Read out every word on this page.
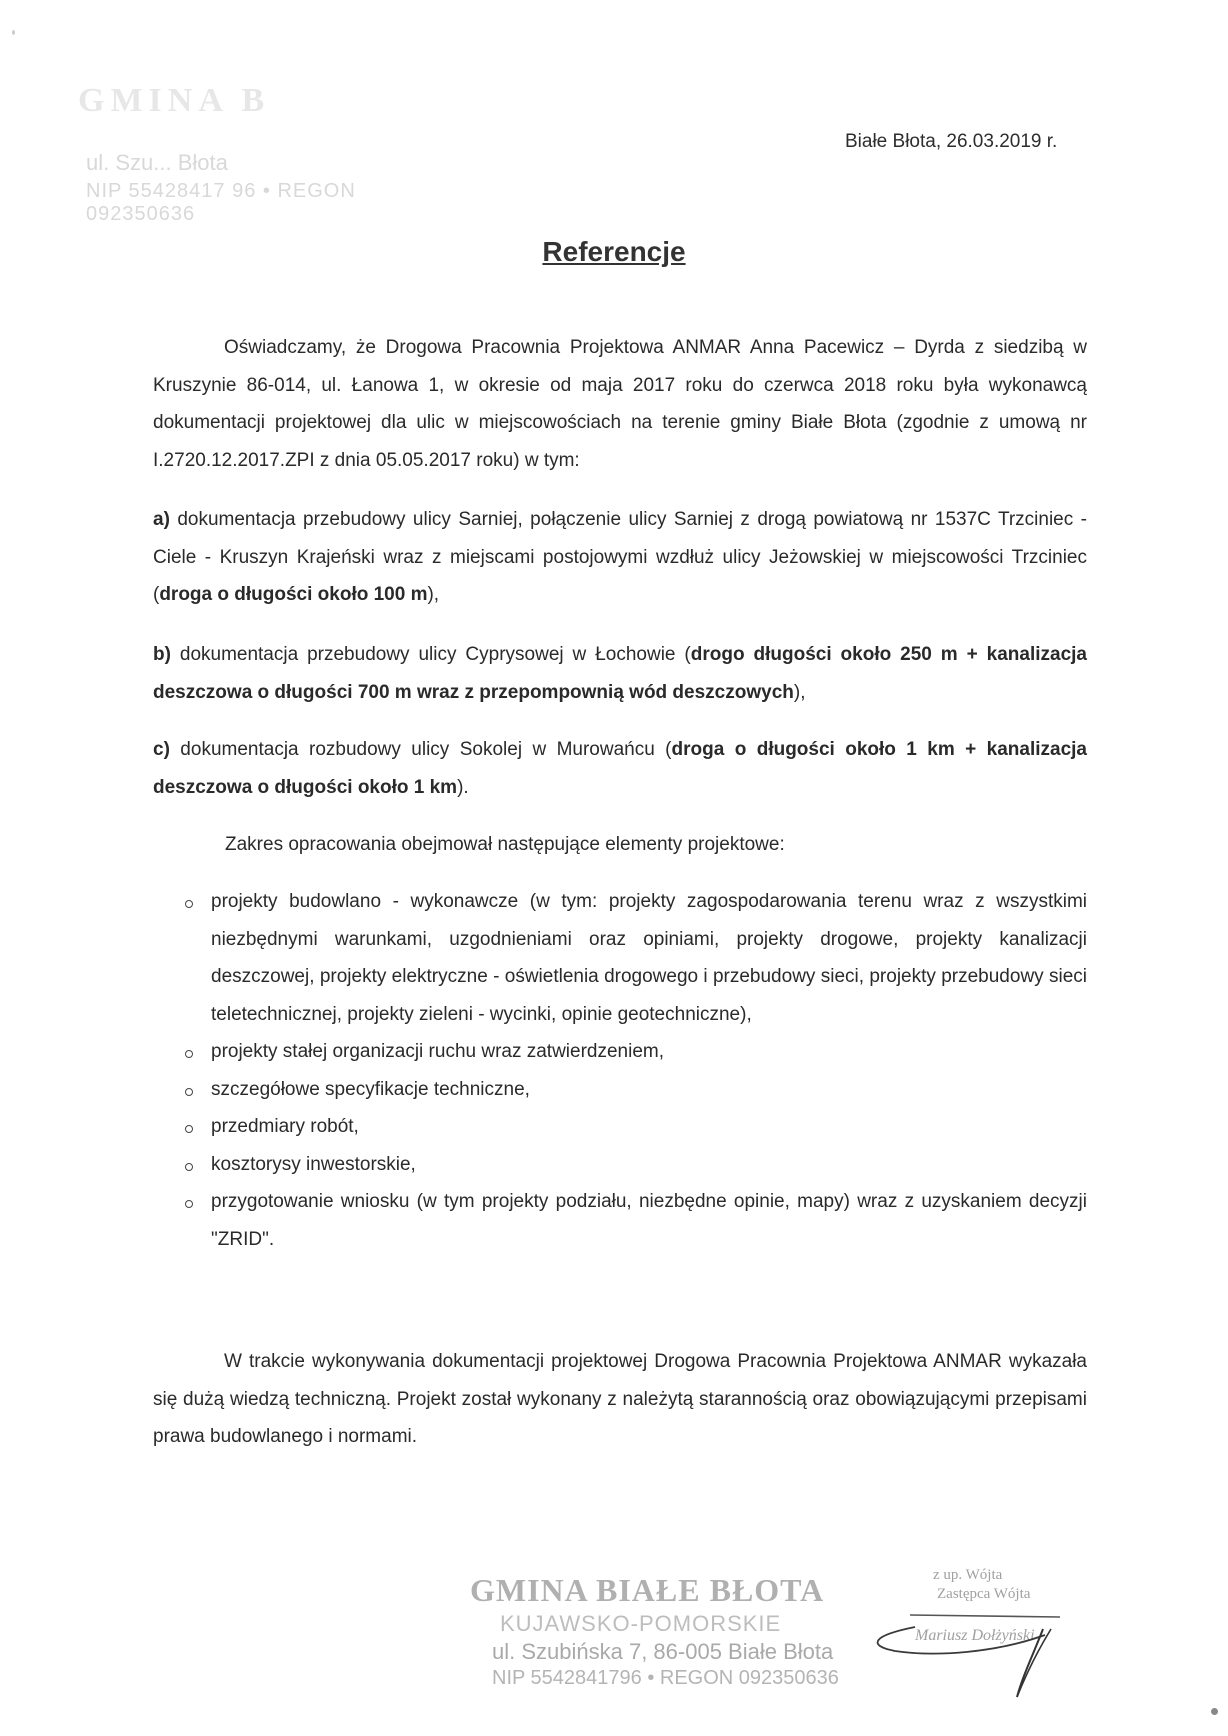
GMINA B
ul. Szu... Błota
NIP 55428417 96 • REGON 092350636
Białe Błota, 26.03.2019 r.
Referencje
Oświadczamy, że Drogowa Pracownia Projektowa ANMAR Anna Pacewicz – Dyrda z siedzibą w Kruszynie 86-014, ul. Łanowa 1, w okresie od maja 2017 roku do czerwca 2018 roku była wykonawcą dokumentacji projektowej dla ulic w miejscowościach na terenie gminy Białe Błota (zgodnie z umową nr I.2720.12.2017.ZPI z dnia 05.05.2017 roku) w tym:
a) dokumentacja przebudowy ulicy Sarniej, połączenie ulicy Sarniej z drogą powiatową nr 1537C Trzciniec - Ciele - Kruszyn Krajeński wraz z miejscami postojowymi wzdłuż ulicy Jeżowskiej w miejscowości Trzciniec (droga o długości około 100 m),
b) dokumentacja przebudowy ulicy Cyprysowej w Łochowie (drogo długości około 250 m + kanalizacja deszczowa o długości 700 m wraz z przepompownią wód deszczowych),
c) dokumentacja rozbudowy ulicy Sokolej w Murowańcu (droga o długości około 1 km + kanalizacja deszczowa o długości około 1 km).
Zakres opracowania obejmował następujące elementy projektowe:
projekty budowlano - wykonawcze (w tym: projekty zagospodarowania terenu wraz z wszystkimi niezbędnymi warunkami, uzgodnieniami oraz opiniami, projekty drogowe, projekty kanalizacji deszczowej, projekty elektryczne - oświetlenia drogowego i przebudowy sieci, projekty przebudowy sieci teletechnicznej, projekty zieleni - wycinki, opinie geotechniczne),
projekty stałej organizacji ruchu wraz zatwierdzeniem,
szczegółowe specyfikacje techniczne,
przedmiary robót,
kosztorysy inwestorskie,
przygotowanie wniosku (w tym projekty podziału, niezbędne opinie, mapy) wraz z uzyskaniem decyzji "ZRID".
W trakcie wykonywania dokumentacji projektowej Drogowa Pracownia Projektowa ANMAR wykazała się dużą wiedzą techniczną. Projekt został wykonany z należytą starannością oraz obowiązującymi przepisami prawa budowlanego i normami.
GMINA BIAŁE BŁOTA
KUJAWSKO-POMORSKIE
ul. Szubińska 7, 86-005 Białe Błota
NIP 5542841796 • REGON 092350636
z up. Wójta
Zastępca Wójta
Mariusz Dołżyński
